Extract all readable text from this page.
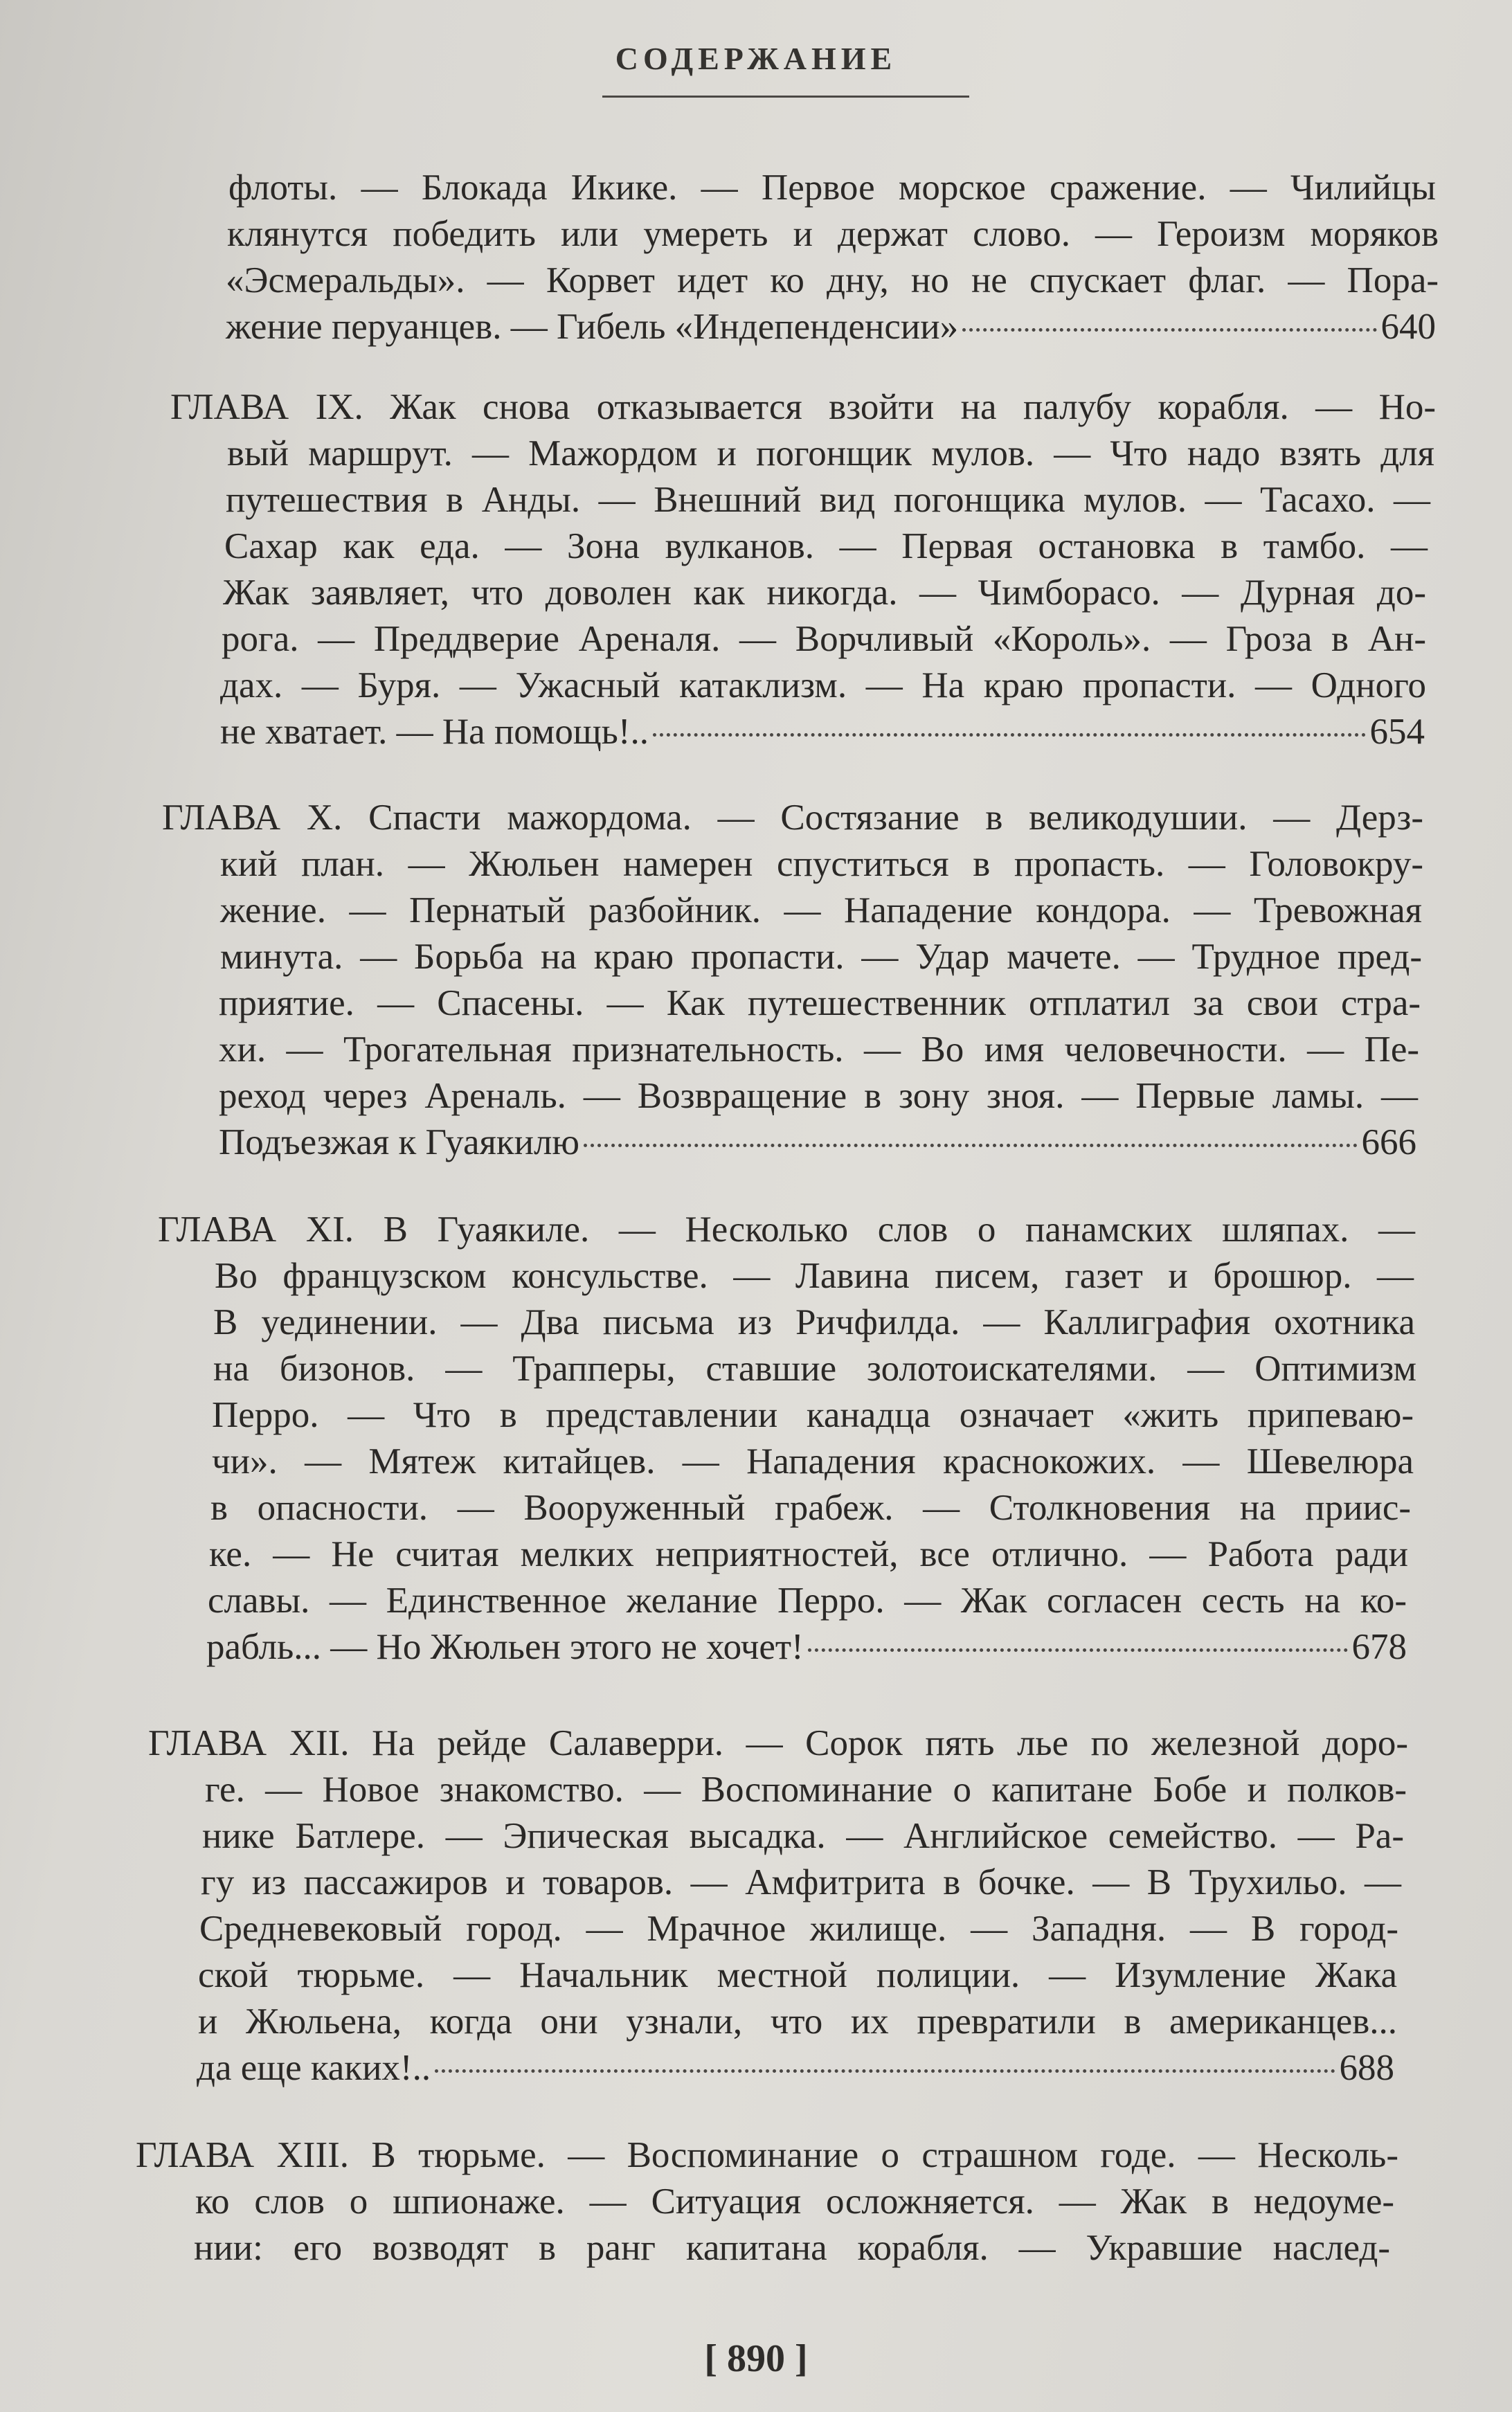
СОДЕРЖАНИЕ
флоты. — Блокада Икике. — Первое морское сражение. — Чилийцы
клянутся победить или умереть и держат слово. — Героизм моряков
«Эсмеральды». — Корвет идет ко дну, но не спускает флаг. — Пора-
жение перуанцев. — Гибель «Индепенденсии»	640
ГЛАВА IX. Жак снова отказывается взойти на палубу корабля. — Но-
вый маршрут. — Мажордом и погонщик мулов. — Что надо взять для
путешествия в Анды. — Внешний вид погонщика мулов. — Тасахо. —
Сахар как еда. — Зона вулканов. — Первая остановка в тамбо. —
Жак заявляет, что доволен как никогда. — Чимборасо. — Дурная до-
рога. — Преддверие Ареналя. — Ворчливый «Король». — Гроза в Ан-
дах. — Буря. — Ужасный катаклизм. — На краю пропасти. — Одного
не хватает. — На помощь!..	654
ГЛАВА X. Спасти мажордома. — Состязание в великодушии. — Дерз-
кий план. — Жюльен намерен спуститься в пропасть. — Головокру-
жение. — Пернатый разбойник. — Нападение кондора. — Тревожная
минута. — Борьба на краю пропасти. — Удар мачете. — Трудное пред-
приятие. — Спасены. — Как путешественник отплатил за свои стра-
хи. — Трогательная признательность. — Во имя человечности. — Пе-
реход через Ареналь. — Возвращение в зону зноя. — Первые ламы. —
Подъезжая к Гуаякилю	666
ГЛАВА XI. В Гуаякиле. — Несколько слов о панамских шляпах. —
Во французском консульстве. — Лавина писем, газет и брошюр. —
В уединении. — Два письма из Ричфилда. — Каллиграфия охотника
на бизонов. — Трапперы, ставшие золотоискателями. — Оптимизм
Перро. — Что в представлении канадца означает «жить припеваю-
чи». — Мятеж китайцев. — Нападения краснокожих. — Шевелюра
в опасности. — Вооруженный грабеж. — Столкновения на приис-
ке. — Не считая мелких неприятностей, все отлично. — Работа ради
славы. — Единственное желание Перро. — Жак согласен сесть на ко-
рабль... — Но Жюльен этого не хочет!	678
ГЛАВА XII. На рейде Салаверри. — Сорок пять лье по железной доро-
ге. — Новое знакомство. — Воспоминание о капитане Бобе и полков-
нике Батлере. — Эпическая высадка. — Английское семейство. — Ра-
гу из пассажиров и товаров. — Амфитрита в бочке. — В Трухильо. —
Средневековый город. — Мрачное жилище. — Западня. — В город-
ской тюрьме. — Начальник местной полиции. — Изумление Жака
и Жюльена, когда они узнали, что их превратили в американцев...
да еще каких!..	688
ГЛАВА XIII. В тюрьме. — Воспоминание о страшном годе. — Несколь-
ко слов о шпионаже. — Ситуация осложняется. — Жак в недоуме-
нии: его возводят в ранг капитана корабля. — Укравшие наслед-
[ 890 ]
